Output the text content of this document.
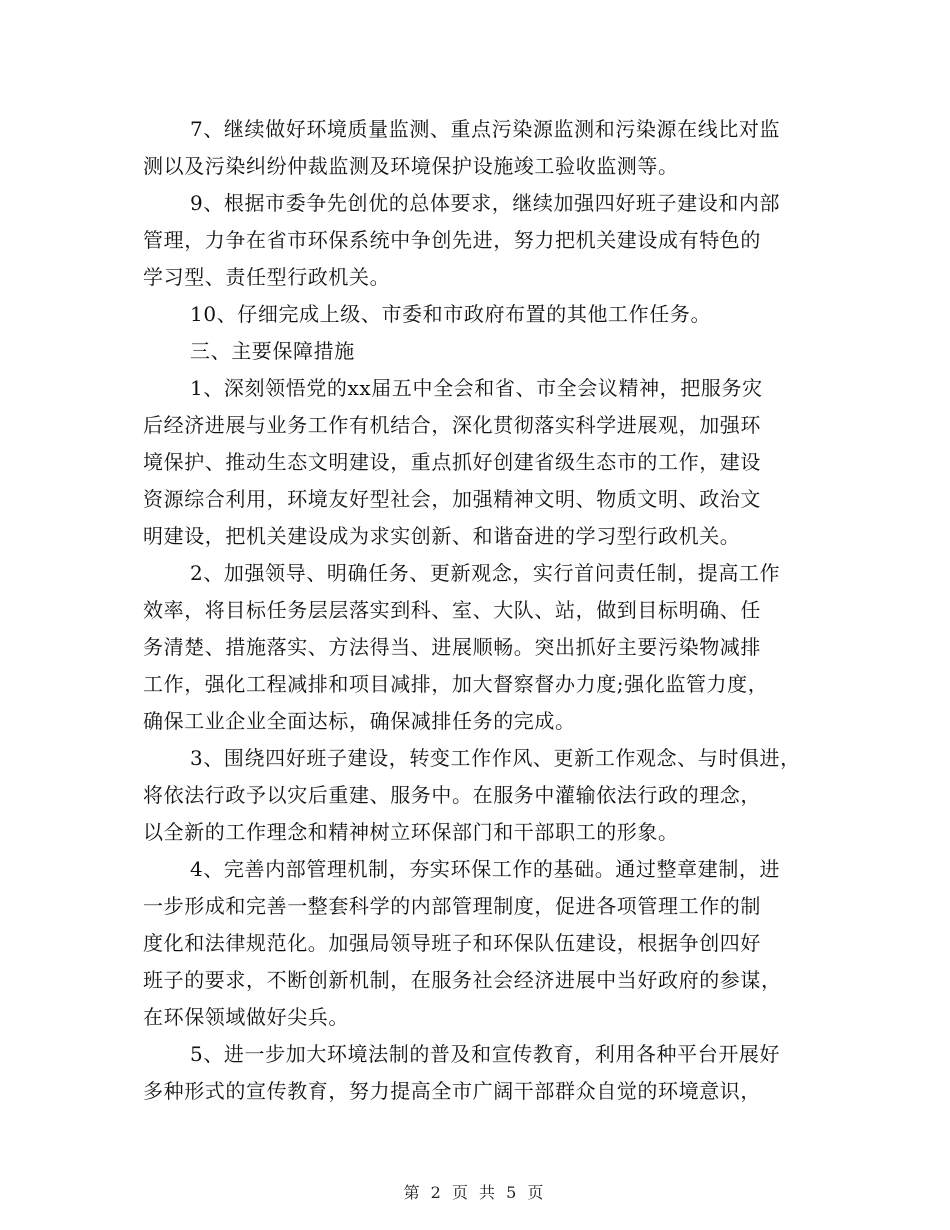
7、继续做好环境质量监测、重点污染源监测和污染源在线比对监
测以及污染纠纷仲裁监测及环境保护设施竣工验收监测等。
9、根据市委争先创优的总体要求，继续加强四好班子建设和内部
管理，力争在省市环保系统中争创先进，努力把机关建设成有特色的
学习型、责任型行政机关。
10、仔细完成上级、市委和市政府布置的其他工作任务。
三、主要保障措施
1、深刻领悟党的xx届五中全会和省、市全会议精神，把服务灾
后经济进展与业务工作有机结合，深化贯彻落实科学进展观，加强环
境保护、推动生态文明建设，重点抓好创建省级生态市的工作，建设
资源综合利用，环境友好型社会，加强精神文明、物质文明、政治文
明建设，把机关建设成为求实创新、和谐奋进的学习型行政机关。
2、加强领导、明确任务、更新观念，实行首问责任制，提高工作
效率，将目标任务层层落实到科、室、大队、站，做到目标明确、任
务清楚、措施落实、方法得当、进展顺畅。突出抓好主要污染物减排
工作，强化工程减排和项目减排，加大督察督办力度;强化监管力度，
确保工业企业全面达标，确保减排任务的完成。
3、围绕四好班子建设，转变工作作风、更新工作观念、与时俱进，
将依法行政予以灾后重建、服务中。在服务中灌输依法行政的理念，
以全新的工作理念和精神树立环保部门和干部职工的形象。
4、完善内部管理机制，夯实环保工作的基础。通过整章建制，进
一步形成和完善一整套科学的内部管理制度，促进各项管理工作的制
度化和法律规范化。加强局领导班子和环保队伍建设，根据争创四好
班子的要求，不断创新机制，在服务社会经济进展中当好政府的参谋，
在环保领域做好尖兵。
5、进一步加大环境法制的普及和宣传教育，利用各种平台开展好
多种形式的宣传教育，努力提高全市广阔干部群众自觉的环境意识，
第 2 页 共 5 页
